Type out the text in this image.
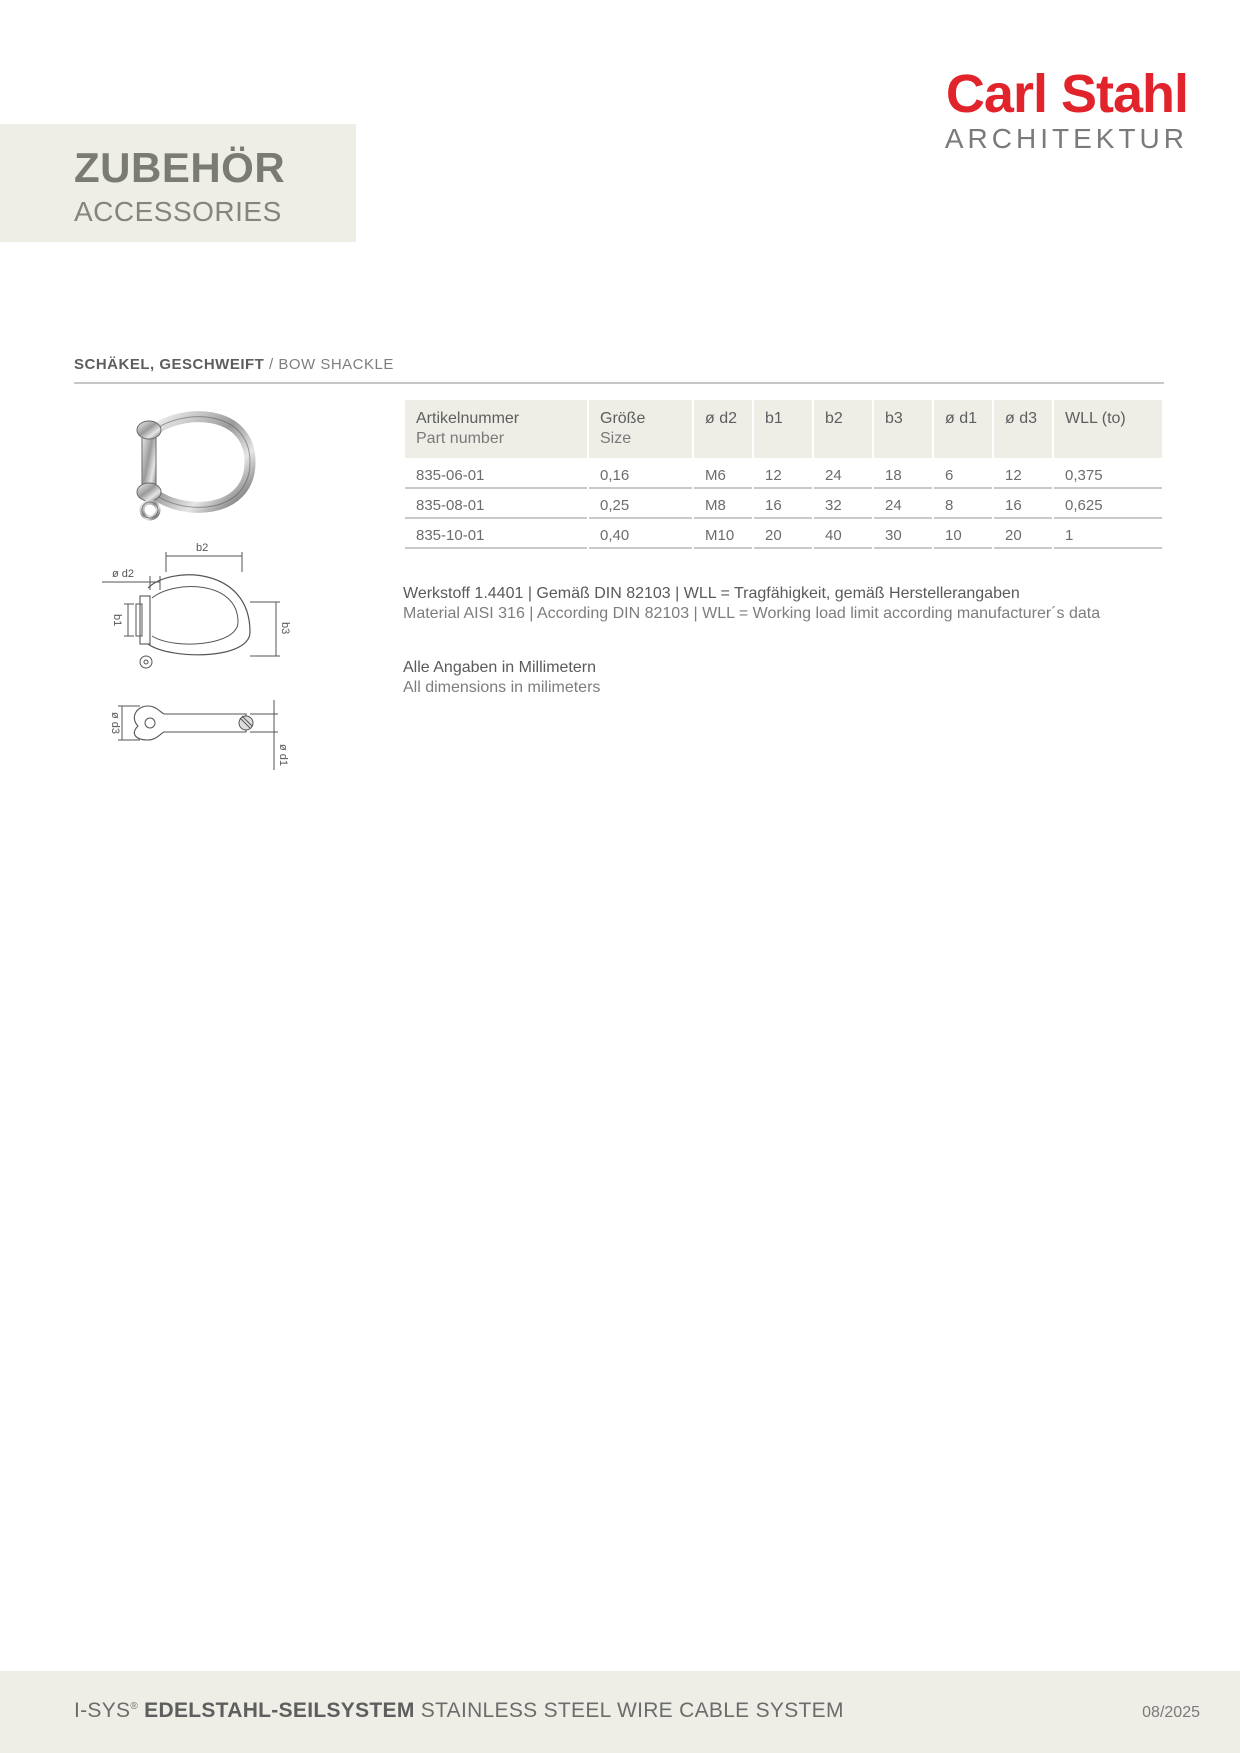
Carl Stahl
ARCHITEKTUR
ZUBEHÖR
ACCESSORIES
SCHÄKEL, GESCHWEIFT / BOW SHACKLE
b2
ø d2
b1
b3
ø d3
ø d1
Artikelnummer
Part number	Größe
Size	ø d2	b1	b2	b3	ø d1	ø d3	WLL (to)
835-06-01	0,16	M6	12	24	18	6	12	0,375
835-08-01	0,25	M8	16	32	24	8	16	0,625
835-10-01	0,40	M10	20	40	30	10	20	1
Werkstoff 1.4401 | Gemäß DIN 82103 | WLL = Tragfähigkeit, gemäß Herstellerangaben
Material AISI 316 | According DIN 82103 | WLL = Working load limit according manufacturer´s data
Alle Angaben in Millimetern
All dimensions in milimeters
I-SYS® EDELSTAHL-SEILSYSTEM STAINLESS STEEL WIRE CABLE SYSTEM	08/2025
